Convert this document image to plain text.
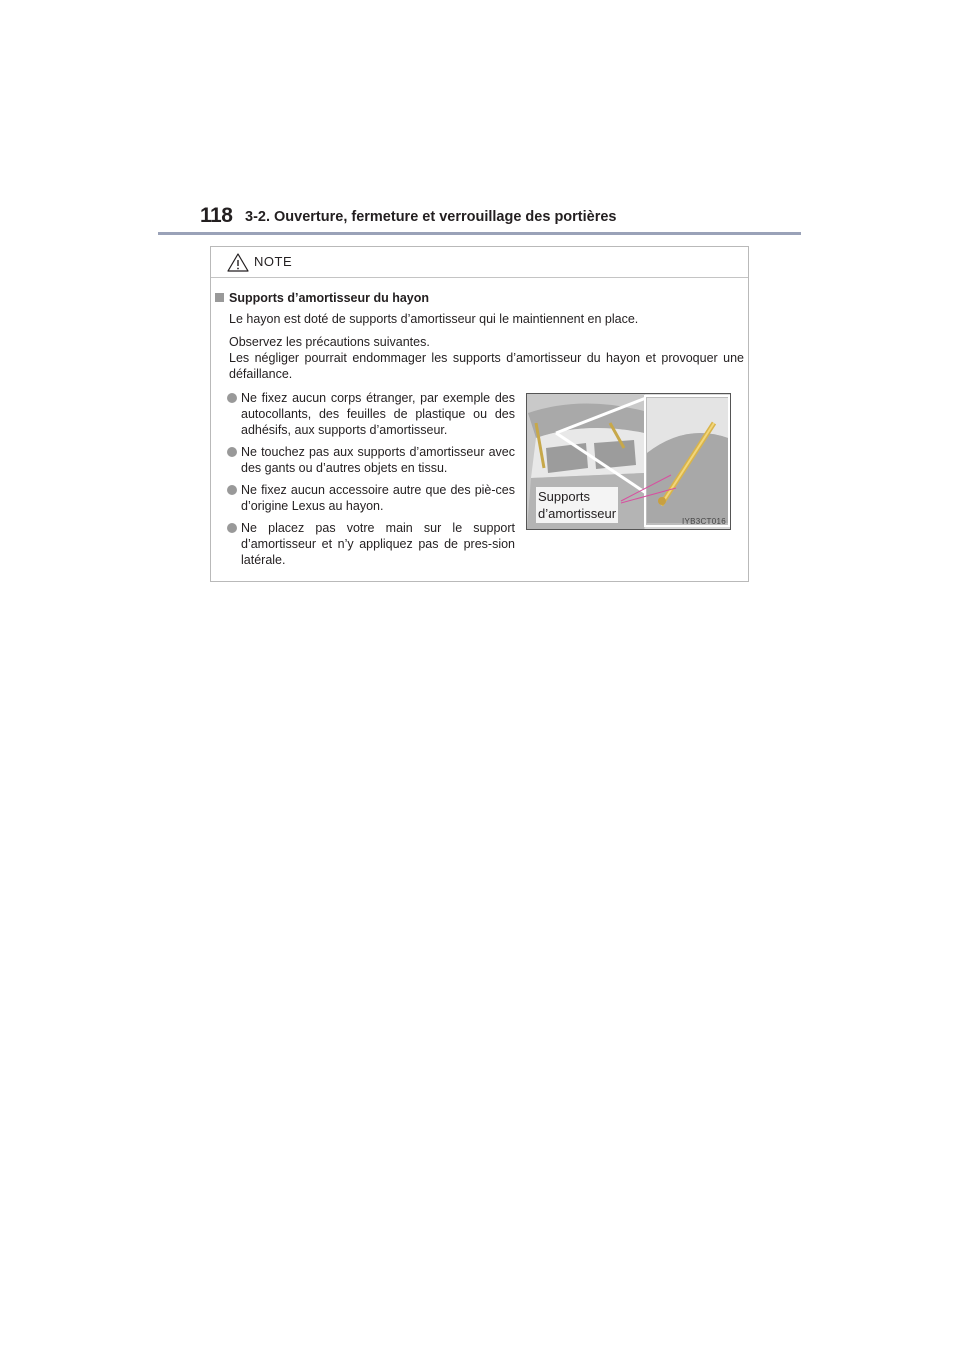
118 3-2. Ouverture, fermeture et verrouillage des portières
NOTE
Supports d’amortisseur du hayon
Le hayon est doté de supports d’amortisseur qui le maintiennent en place.
Observez les précautions suivantes.
Les négliger pourrait endommager les supports d’amortisseur du hayon et provoquer une défaillance.
Ne fixez aucun corps étranger, par exemple des autocollants, des feuilles de plastique ou des adhésifs, aux supports d’amortisseur.
Ne touchez pas aux supports d’amortisseur avec des gants ou d’autres objets en tissu.
Ne fixez aucun accessoire autre que des piè-ces d’origine Lexus au hayon.
Ne placez pas votre main sur le support d’amortisseur et n’y appliquez pas de pres-sion latérale.
Supports
d’amortisseur
IYB3CT016
